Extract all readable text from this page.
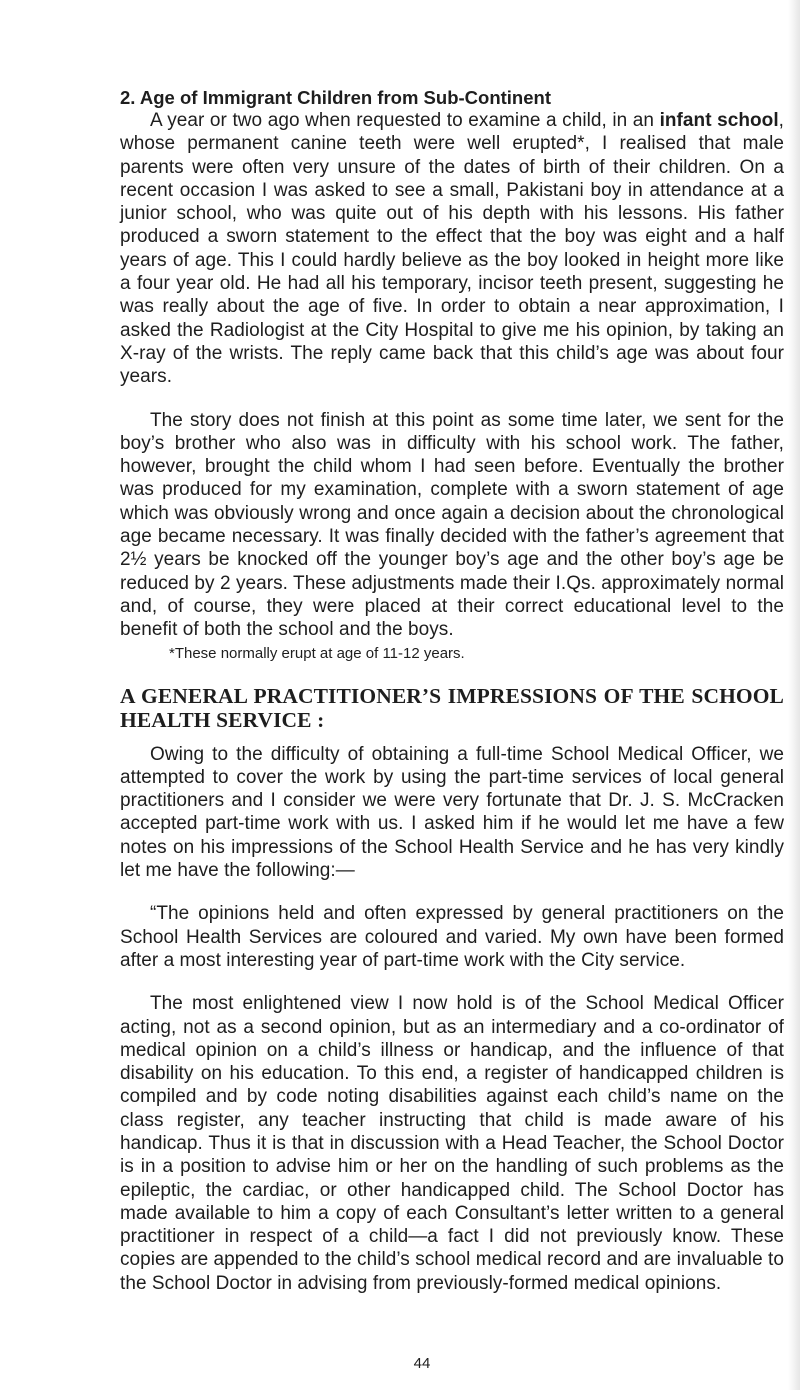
2. Age of Immigrant Children from Sub-Continent

A year or two ago when requested to examine a child, in an infant school, whose permanent canine teeth were well erupted*, I realised that male parents were often very unsure of the dates of birth of their children. On a recent occasion I was asked to see a small, Pakistani boy in attendance at a junior school, who was quite out of his depth with his lessons. His father produced a sworn statement to the effect that the boy was eight and a half years of age. This I could hardly believe as the boy looked in height more like a four year old. He had all his temporary, incisor teeth present, suggesting he was really about the age of five. In order to obtain a near approximation, I asked the Radiologist at the City Hospital to give me his opinion, by taking an X-ray of the wrists. The reply came back that this child’s age was about four years.

The story does not finish at this point as some time later, we sent for the boy’s brother who also was in difficulty with his school work. The father, however, brought the child whom I had seen before. Eventually the brother was produced for my examination, complete with a sworn statement of age which was obviously wrong and once again a decision about the chronological age became necessary. It was finally decided with the father’s agreement that 2½ years be knocked off the younger boy’s age and the other boy’s age be reduced by 2 years. These adjustments made their I.Qs. approximately normal and, of course, they were placed at their correct educational level to the benefit of both the school and the boys.

*These normally erupt at age of 11-12 years.

A GENERAL PRACTITIONER’S IMPRESSIONS OF THE SCHOOL HEALTH SERVICE :

Owing to the difficulty of obtaining a full-time School Medical Officer, we attempted to cover the work by using the part-time services of local general practitioners and I consider we were very fortunate that Dr. J. S. McCracken accepted part-time work with us. I asked him if he would let me have a few notes on his impressions of the School Health Service and he has very kindly let me have the following:—

“The opinions held and often expressed by general practitioners on the School Health Services are coloured and varied. My own have been formed after a most interesting year of part-time work with the City service.

The most enlightened view I now hold is of the School Medical Officer acting, not as a second opinion, but as an intermediary and a co-ordinator of medical opinion on a child’s illness or handicap, and the influence of that disability on his education. To this end, a register of handicapped children is compiled and by code noting disabilities against each child’s name on the class register, any teacher instructing that child is made aware of his handicap. Thus it is that in discussion with a Head Teacher, the School Doctor is in a position to advise him or her on the handling of such problems as the epileptic, the cardiac, or other handicapped child. The School Doctor has made available to him a copy of each Consultant’s letter written to a general practitioner in respect of a child—a fact I did not previously know. These copies are appended to the child’s school medical record and are invaluable to the School Doctor in advising from previously-formed medical opinions.

44
